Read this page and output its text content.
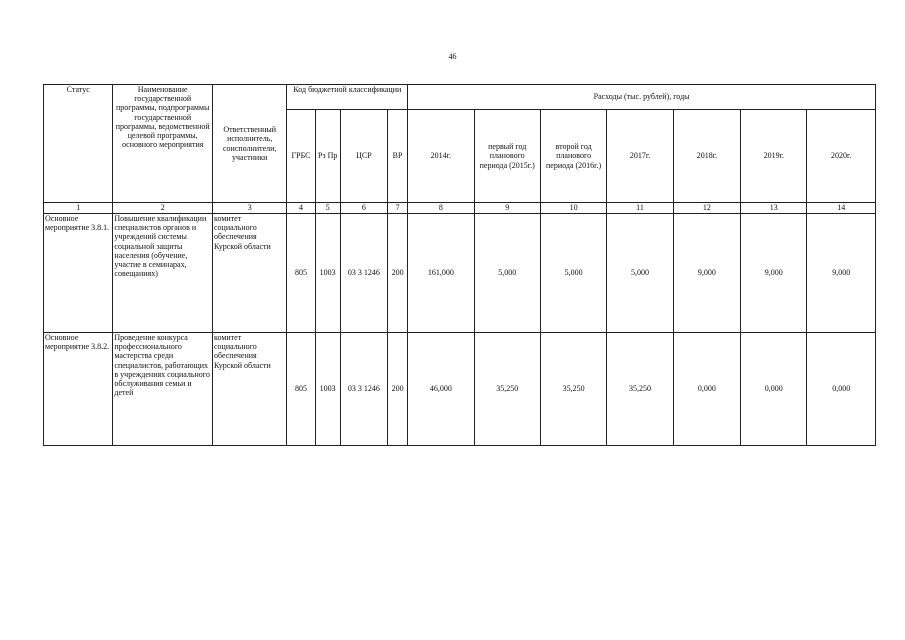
46
Статус	Наименование государственной программы, подпрограммы государственной программы, ведомственной целевой программы, основного мероприятия	Ответственный исполнитель, соисполнители, участники	Код бюджетной классификации				Расходы (тыс. рублей), годы						
			ГРБС	Рз Пр	ЦСР	ВР	2014г.	первый год планового периода (2015г.)	второй год планового периода (2016г.)	2017г.	2018г.	2019г.	2020г.
1	2	3	4	5	6	7	8	9	10	11	12	13	14
Основное мероприятие 3.8.1.	Повышение квалификации специалистов органов и учреждений системы социальной защиты населения (обучение, участие в семинарах, совещаниях)	комитет социального обеспечения Курской области	805	1003	03 3 1246	200	161,000	5,000	5,000	5,000	9,000	9,000	9,000
Основное мероприятие 3.8.2.	Проведение конкурса профессионального мастерства среди специалистов, работающих в учреждениях социального обслуживания семьи и детей	комитет социального обеспечения Курской области	805	1003	03 3 1246	200	46,000	35,250	35,250	35,250	0,000	0,000	0,000
